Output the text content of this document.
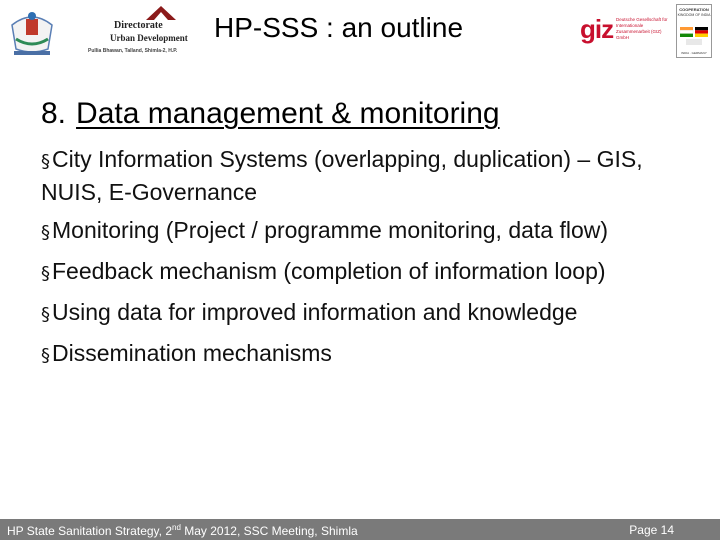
Directorate
Urban Development
Pullia Bhawan, Talland, Shimla-2, H.P.
HP-SSS : an outline	giz Deutsche Gesellschaft für Internationale Zusammenarbeit (GIZ) GmbH
COOPERATION
KINGDOM OF INDIA
INDIA · GERMANY
8. Data management & monitoring
§City Information Systems (overlapping, duplication) – GIS, NUIS, E-Governance
§Monitoring (Project / programme monitoring, data flow)
§Feedback mechanism (completion of information loop)
§Using data for improved information and knowledge
§Dissemination mechanisms
HP State Sanitation Strategy, 2nd May 2012, SSC Meeting, Shimla	Page 14
